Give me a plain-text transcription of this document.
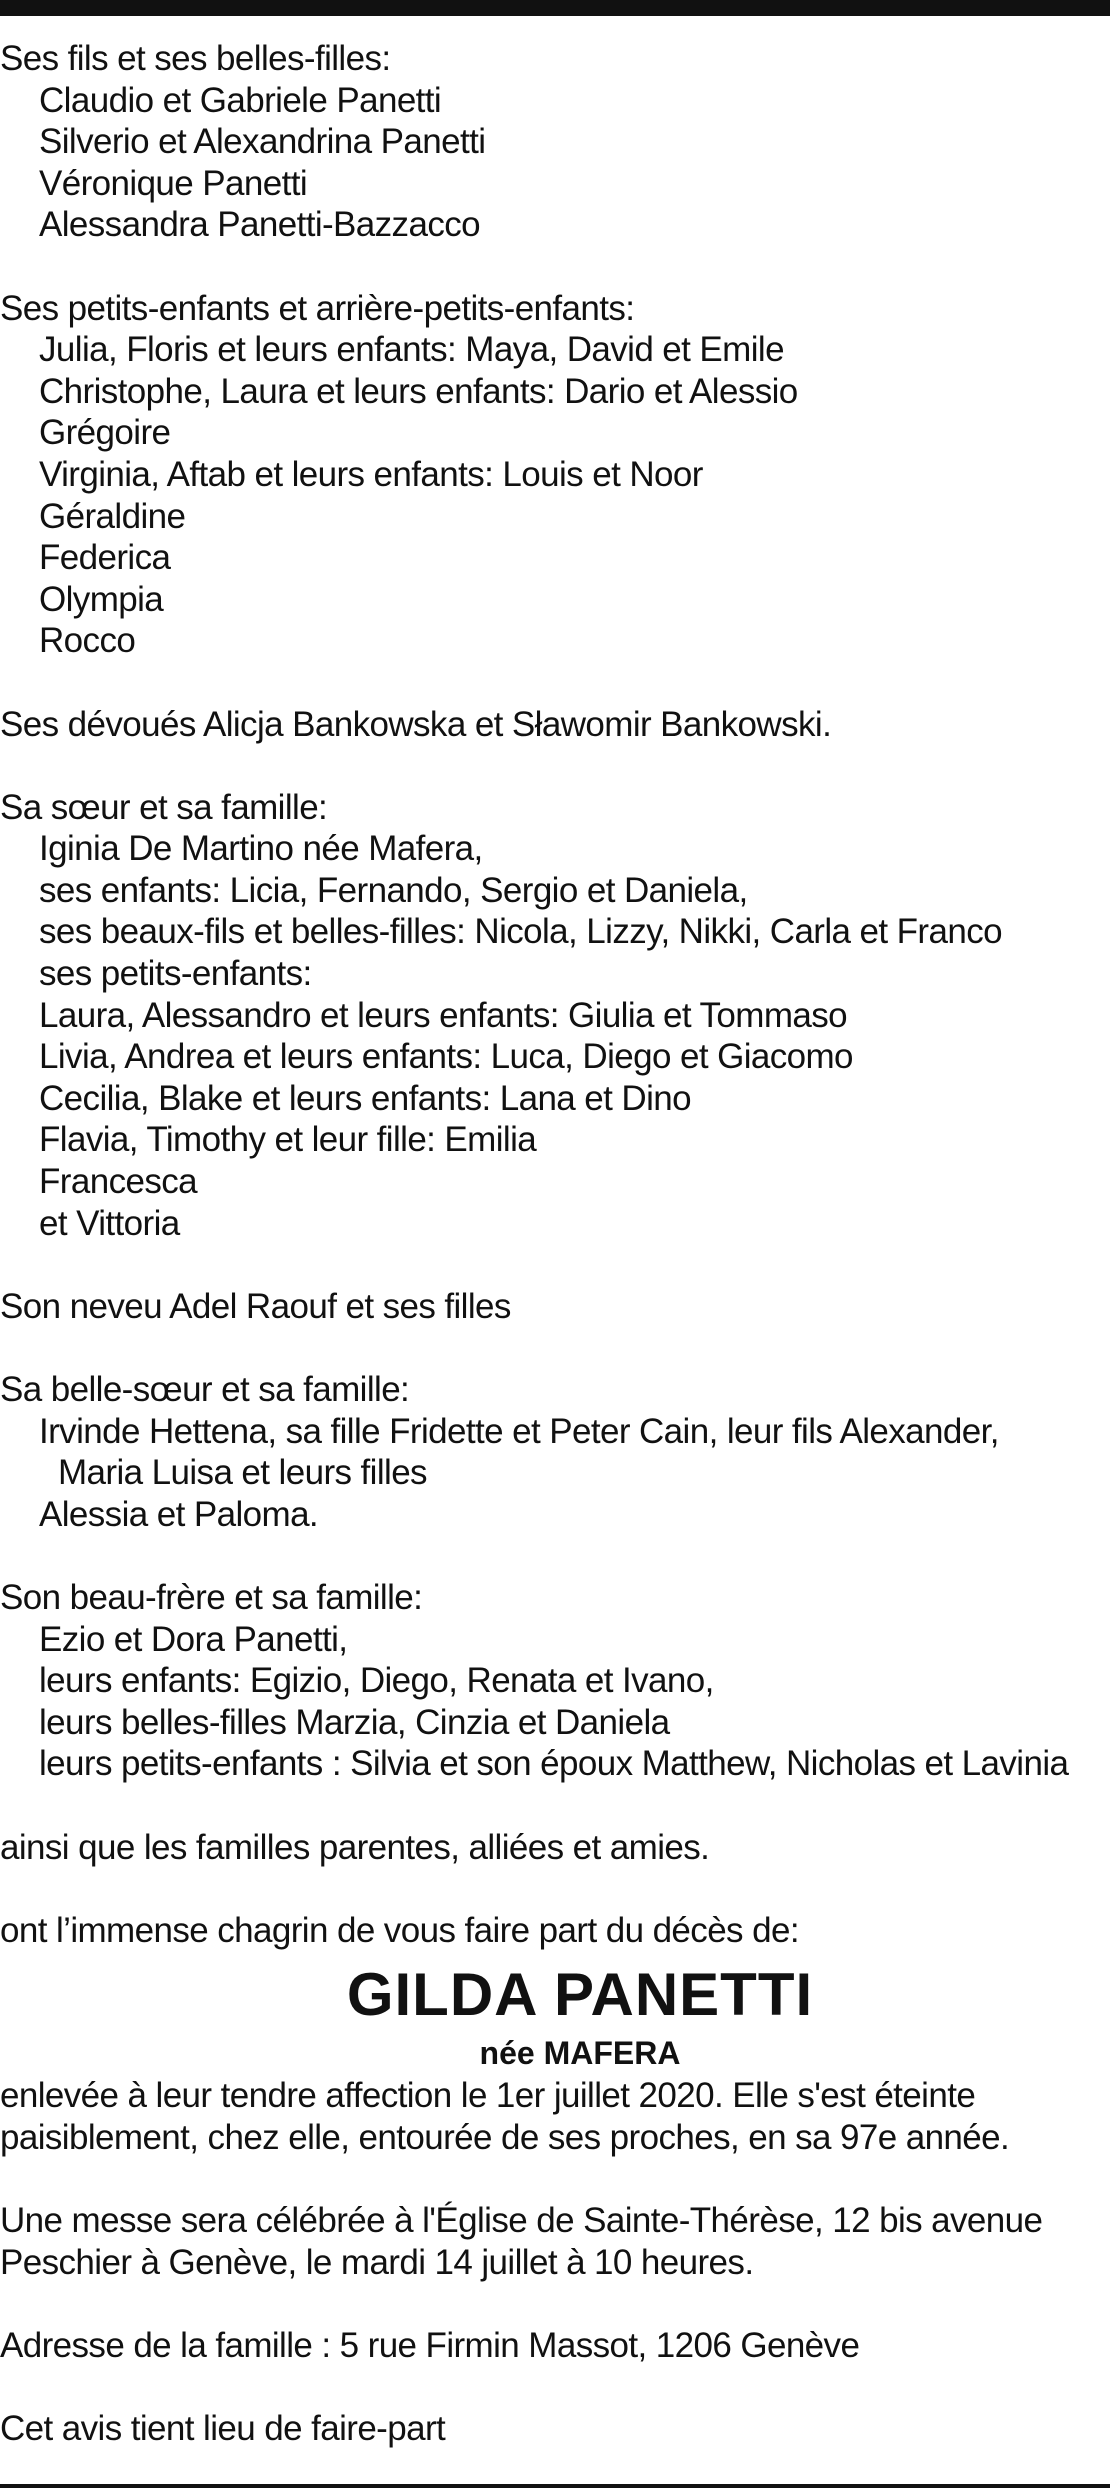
Ses fils et ses belles-filles:
Claudio et Gabriele Panetti
Silverio et Alexandrina Panetti
Véronique Panetti
Alessandra Panetti-Bazzacco
Ses petits-enfants et arrière-petits-enfants:
Julia, Floris et leurs enfants: Maya, David et Emile
Christophe, Laura et leurs enfants: Dario et Alessio
Grégoire
Virginia, Aftab et leurs enfants: Louis et Noor
Géraldine
Federica
Olympia
Rocco
Ses dévoués Alicja Bankowska et Sławomir Bankowski.
Sa sœur et sa famille:
Iginia De Martino née Mafera,
ses enfants: Licia, Fernando, Sergio et Daniela,
ses beaux-fils et belles-filles: Nicola, Lizzy, Nikki, Carla et Franco
ses petits-enfants:
Laura, Alessandro et leurs enfants: Giulia et Tommaso
Livia, Andrea et leurs enfants: Luca, Diego et Giacomo
Cecilia, Blake et leurs enfants: Lana et Dino
Flavia, Timothy et leur fille: Emilia
Francesca
et Vittoria
Son neveu Adel Raouf et ses filles
Sa belle-sœur et sa famille:
Irvinde Hettena, sa fille Fridette et Peter Cain, leur fils Alexander,
Maria Luisa et leurs filles
Alessia et Paloma.
Son beau-frère et sa famille:
Ezio et Dora Panetti,
leurs enfants: Egizio, Diego, Renata et Ivano,
leurs belles-filles Marzia, Cinzia et Daniela
leurs petits-enfants : Silvia et son époux Matthew, Nicholas et Lavinia
ainsi que les familles parentes, alliées et amies.
ont l’immense chagrin de vous faire part du décès de:
GILDA PANETTI
née MAFERA
enlevée à leur tendre affection le 1er juillet 2020. Elle s'est éteinte
paisiblement, chez elle, entourée de ses proches, en sa 97e année.
Une messe sera célébrée à l'Église de Sainte-Thérèse, 12 bis avenue
Peschier à Genève, le mardi 14 juillet à 10 heures.
Adresse de la famille : 5 rue Firmin Massot, 1206 Genève
Cet avis tient lieu de faire-part
